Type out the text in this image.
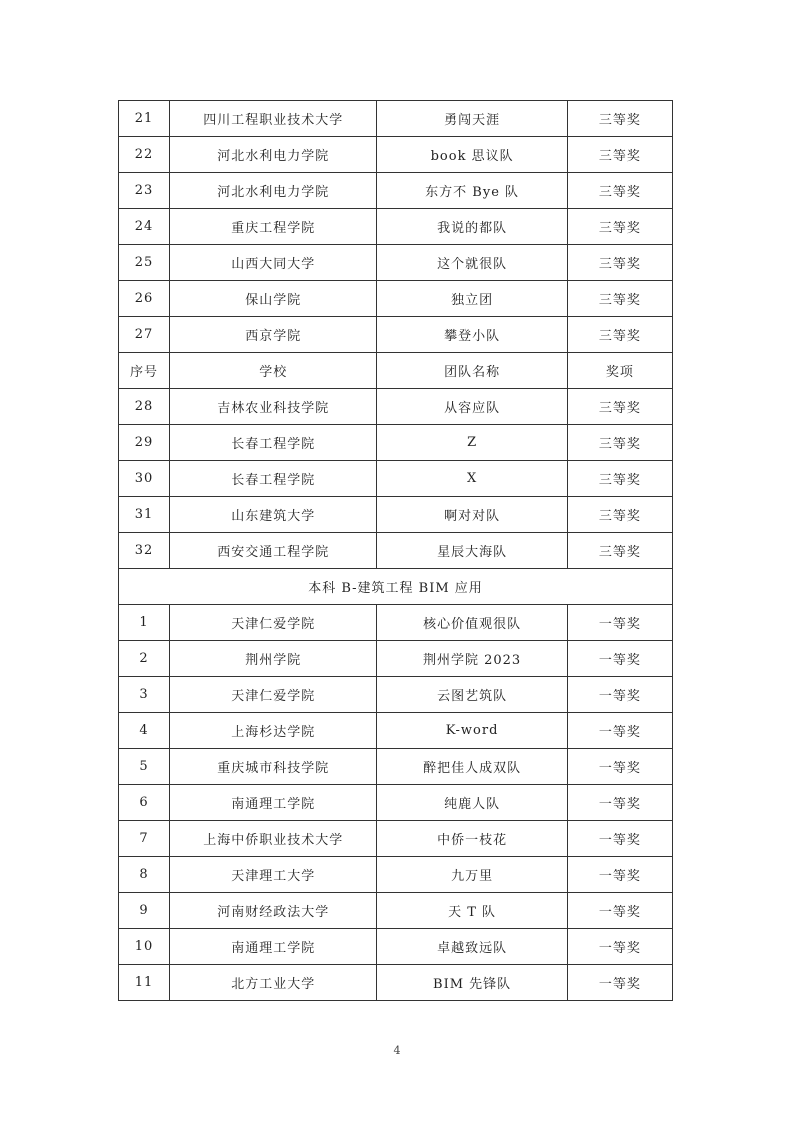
21	四川工程职业技术大学	勇闯天涯	三等奖
22	河北水利电力学院	book 思议队	三等奖
23	河北水利电力学院	东方不 Bye 队	三等奖
24	重庆工程学院	我说的都队	三等奖
25	山西大同大学	这个就很队	三等奖
26	保山学院	独立团	三等奖
27	西京学院	攀登小队	三等奖
序号	学校	团队名称	奖项
28	吉林农业科技学院	从容应队	三等奖
29	长春工程学院	Z	三等奖
30	长春工程学院	X	三等奖
31	山东建筑大学	啊对对队	三等奖
32	西安交通工程学院	星辰大海队	三等奖
本科 B-建筑工程 BIM 应用			
1	天津仁爱学院	核心价值观很队	一等奖
2	荆州学院	荆州学院 2023	一等奖
3	天津仁爱学院	云图艺筑队	一等奖
4	上海杉达学院	K-word	一等奖
5	重庆城市科技学院	醉把佳人成双队	一等奖
6	南通理工学院	纯鹿人队	一等奖
7	上海中侨职业技术大学	中侨一枝花	一等奖
8	天津理工大学	九万里	一等奖
9	河南财经政法大学	天 T 队	一等奖
10	南通理工学院	卓越致远队	一等奖
11	北方工业大学	BIM 先锋队	一等奖
4
